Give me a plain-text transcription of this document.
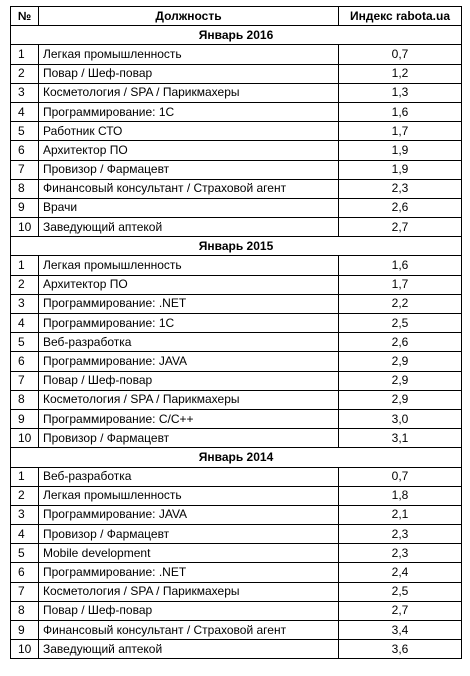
№	Должность	Индекс rabota.ua
Январь 2016		
1	Легкая промышленность	0,7
2	Повар / Шеф-повар	1,2
3	Косметология / SPA / Парикмахеры	1,3
4	Программирование: 1С	1,6
5	Работник СТО	1,7
6	Архитектор ПО	1,9
7	Провизор / Фармацевт	1,9
8	Финансовый консультант / Страховой агент	2,3
9	Врачи	2,6
10	Заведующий аптекой	2,7
Январь 2015		
1	Легкая промышленность	1,6
2	Архитектор ПО	1,7
3	Программирование: .NET	2,2
4	Программирование: 1С	2,5
5	Веб-разработка	2,6
6	Программирование: JAVA	2,9
7	Повар / Шеф-повар	2,9
8	Косметология / SPA / Парикмахеры	2,9
9	Программирование: C/C++	3,0
10	Провизор / Фармацевт	3,1
Январь 2014		
1	Веб-разработка	0,7
2	Легкая промышленность	1,8
3	Программирование: JAVA	2,1
4	Провизор / Фармацевт	2,3
5	Mobile development	2,3
6	Программирование: .NET	2,4
7	Косметология / SPA / Парикмахеры	2,5
8	Повар / Шеф-повар	2,7
9	Финансовый консультант / Страховой агент	3,4
10	Заведующий аптекой	3,6
